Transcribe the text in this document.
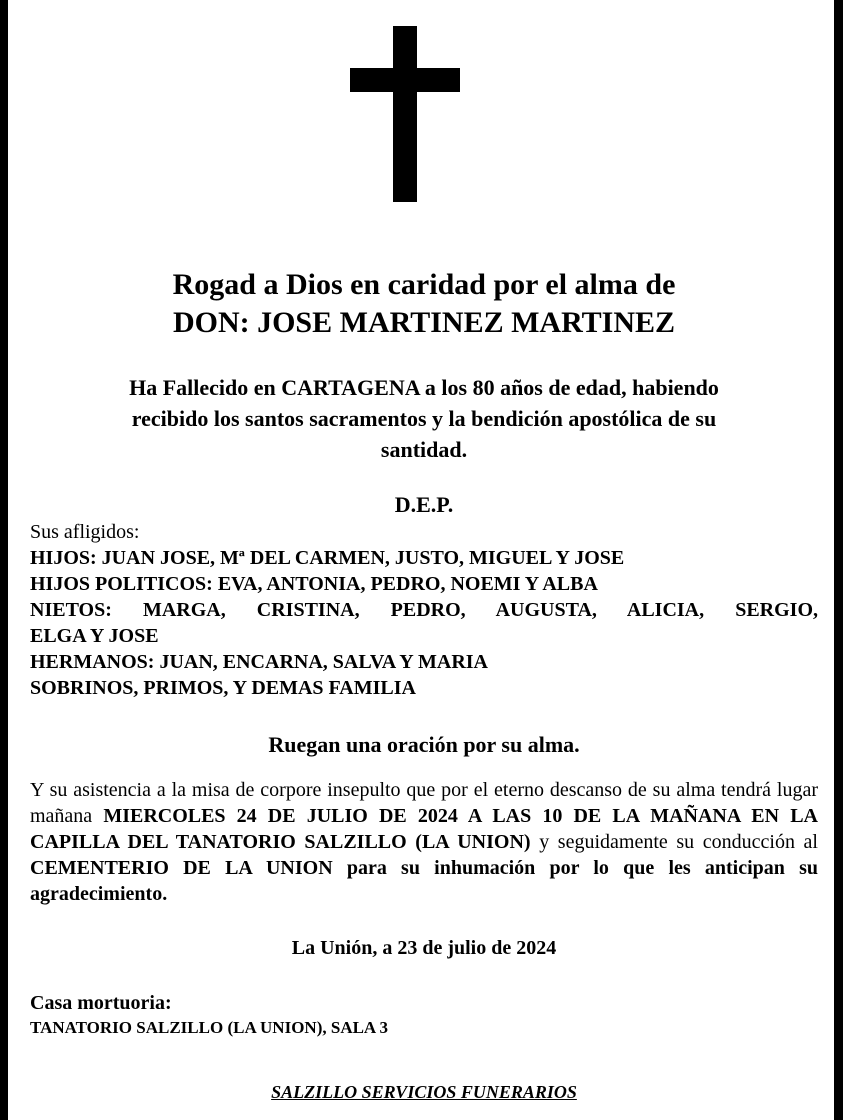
Rogad a Dios en caridad por el alma de
DON: JOSE MARTINEZ MARTINEZ
Ha Fallecido en CARTAGENA a los 80 años de edad, habiendo
recibido los santos sacramentos y la bendición apostólica de su
santidad.
D.E.P.
Sus afligidos:
HIJOS: JUAN JOSE, Mª DEL CARMEN, JUSTO, MIGUEL Y JOSE
HIJOS POLITICOS: EVA, ANTONIA, PEDRO, NOEMI Y ALBA
NIETOS: MARGA, CRISTINA, PEDRO, AUGUSTA, ALICIA, SERGIO,
ELGA Y JOSE
HERMANOS: JUAN, ENCARNA, SALVA Y MARIA
SOBRINOS, PRIMOS, Y DEMAS FAMILIA
Ruegan una oración por su alma.
Y su asistencia a la misa de corpore insepulto que por el eterno descanso de su alma tendrá lugar mañana MIERCOLES 24 DE JULIO DE 2024 A LAS 10 DE LA MAÑANA EN LA CAPILLA DEL TANATORIO SALZILLO (LA UNION) y seguidamente su conducción al CEMENTERIO DE LA UNION para su inhumación por lo que les anticipan su agradecimiento.
La Unión, a 23 de julio de 2024
Casa mortuoria:
TANATORIO SALZILLO (LA UNION), SALA 3
SALZILLO SERVICIOS FUNERARIOS
